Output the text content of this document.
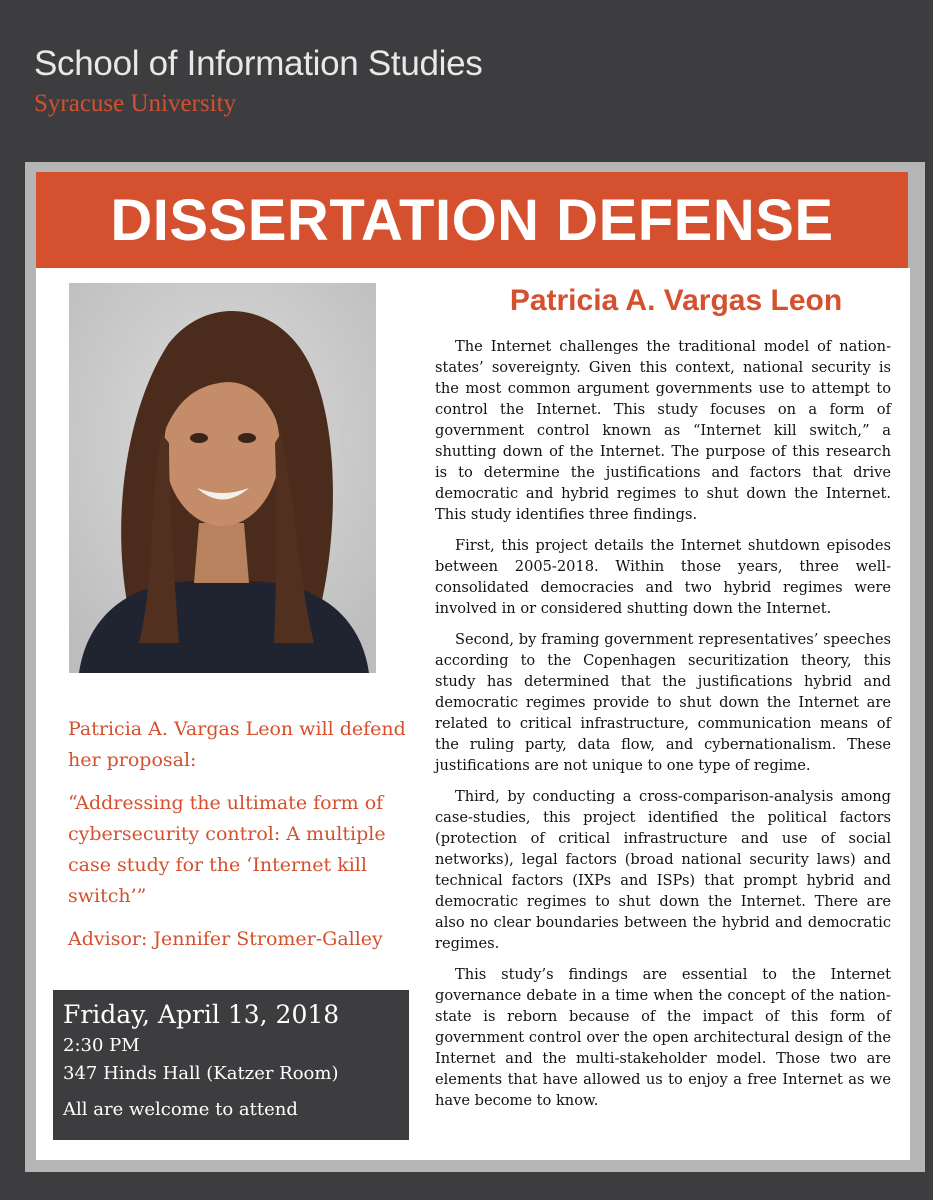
School of Information Studies
Syracuse University
DISSERTATION DEFENSE

Patricia A. Vargas Leon will defend her proposal:

“Addressing the ultimate form of cybersecurity control: A multiple case study for the ‘Internet kill switch’”

Advisor: Jennifer Stromer-Galley

Friday, April 13, 2018
2:30 PM
347 Hinds Hall (Katzer Room)
All are welcome to attend
Patricia A. Vargas Leon

The Internet challenges the traditional model of nation-states’ sovereignty. Given this context, national security is the most common argument governments use to attempt to control the Internet. This study focuses on a form of government control known as “Internet kill switch,” a shutting down of the Internet. The purpose of this research is to determine the justifications and factors that drive democratic and hybrid regimes to shut down the Internet. This study identifies three findings.

First, this project details the Internet shutdown episodes between 2005-2018. Within those years, three well-consolidated democracies and two hybrid regimes were involved in or considered shutting down the Internet.

Second, by framing government representatives’ speeches according to the Copenhagen securitization theory, this study has determined that the justifications hybrid and democratic regimes provide to shut down the Internet are related to critical infrastructure, communication means of the ruling party, data flow, and cybernationalism. These justifications are not unique to one type of regime.

Third, by conducting a cross-comparison-analysis among case-studies, this project identified the political factors (protection of critical infrastructure and use of social networks), legal factors (broad national security laws) and technical factors (IXPs and ISPs) that prompt hybrid and democratic regimes to shut down the Internet. There are also no clear boundaries between the hybrid and democratic regimes.

This study’s findings are essential to the Internet governance debate in a time when the concept of the nation-state is reborn because of the impact of this form of government control over the open architectural design of the Internet and the multi-stakeholder model. Those two are elements that have allowed us to enjoy a free Internet as we have become to know.
